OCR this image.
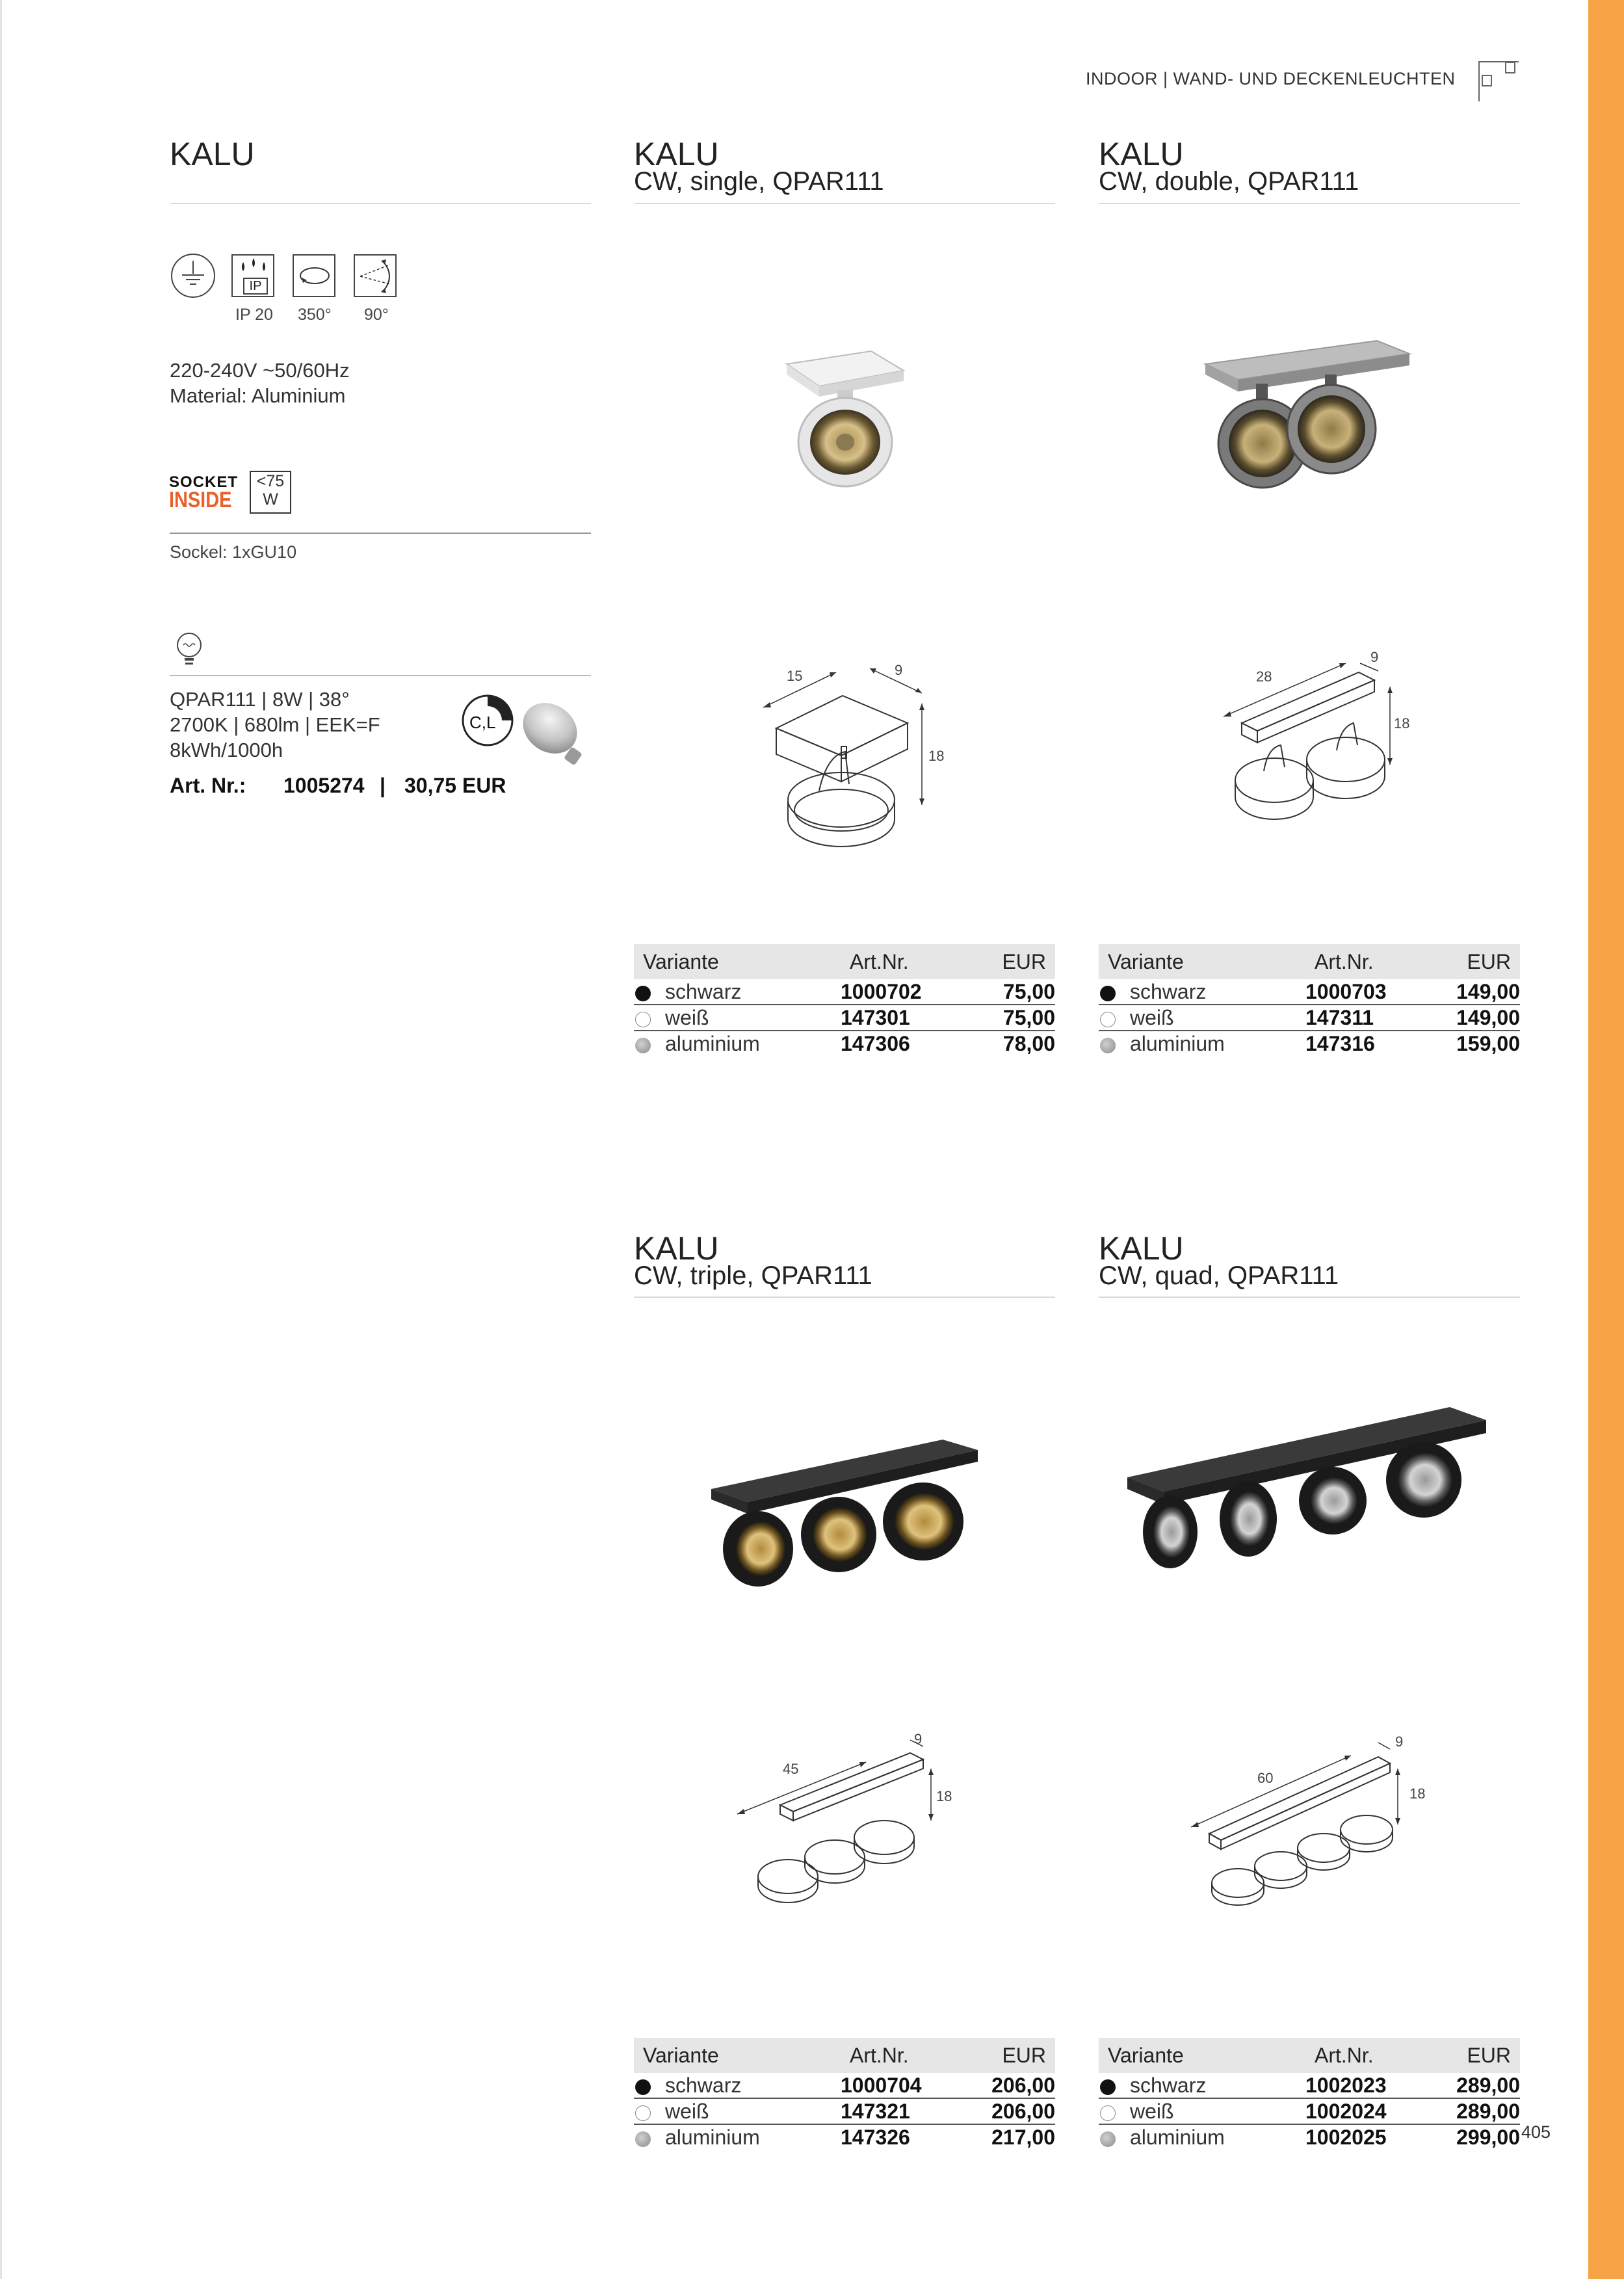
INDOOR | WAND- UND DECKENLEUCHTEN
KALU
IP
IP 20 350° 90°
220-240V ~50/60Hz
Material: Aluminium
SOCKET
INSIDE
<75
W
Sockel: 1xGU10
QPAR111 | 8W | 38°
2700K | 680lm | EEK=F
8kWh/1000h
C,L
Art. Nr.: 1005274 | 30,75 EUR
KALU
CW, single, QPAR111
15	9
18
Variante		Art.Nr.	EUR
	schwarz	1000702	75,00
	weiß	147301	75,00
	aluminium	147306	78,00
KALU
CW, double, QPAR111
28
9
18
Variante		Art.Nr.	EUR
	schwarz	1000703	149,00
	weiß	147311	149,00
	aluminium	147316	159,00
KALU
CW, triple, QPAR111
45
9
18
Variante		Art.Nr.	EUR
	schwarz	1000704	206,00
	weiß	147321	206,00
	aluminium	147326	217,00
KALU
CW, quad, QPAR111
60
9
18
Variante		Art.Nr.	EUR
	schwarz	1002023	289,00
	weiß	1002024	289,00
	aluminium	1002025	299,00 405
